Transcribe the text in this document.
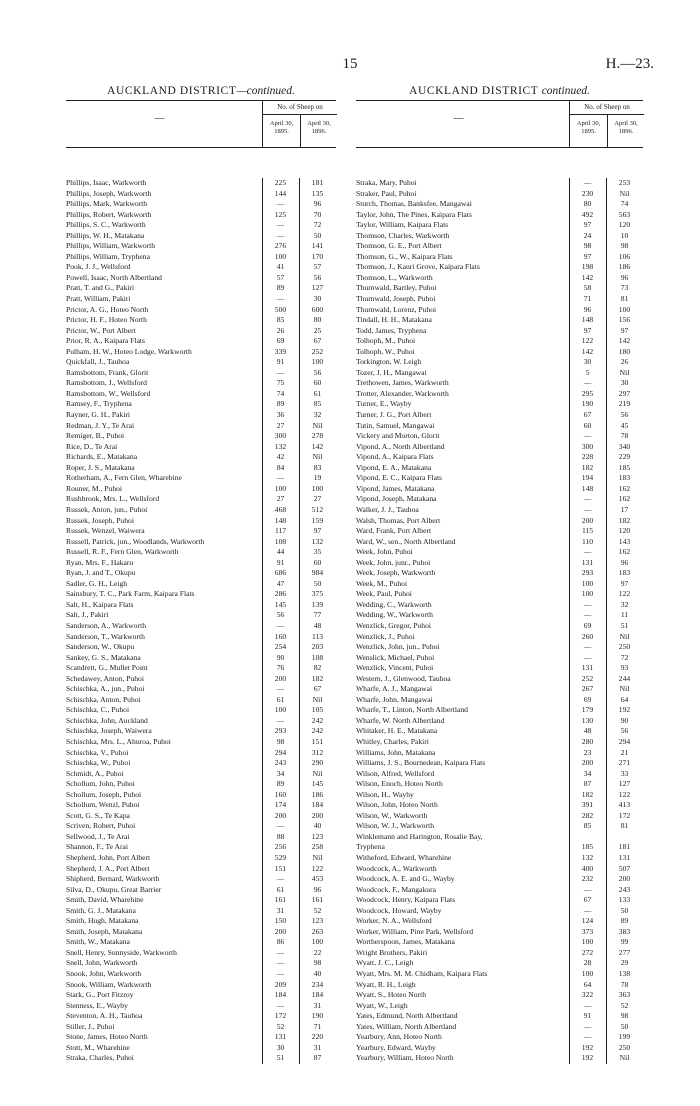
15	H.—23.
AUCKLAND DISTRICT—continued.
—
No. of Sheep on
April 30, 1895.
April 30, 1896.
Phillips, Isaac, Warkworth	225	181
Phillips, Joseph, Warkworth	144	135
Phillips, Mark, Warkworth	—	96
Phillips, Robert, Warkworth	125	70
Phillips, S. C., Warkworth	—	72
Phillips, W. H., Matakana	—	50
Phillips, William, Warkworth	276	141
Phillips, William, Tryphena	100	170
Pook, J. J., Wellsford	41	57
Powell, Isaac, North Albertland	57	56
Pratt, T. and G., Pakiri	89	127
Pratt, William, Pakiri	—	30
Prictor, A. G., Hoteo North	500	600
Prictor, H. F., Hoteo North	85	80
Prictor, W., Port Albert	26	25
Prior, R. A., Kaipara Flats	69	67
Pulham, H. W., Hoteo Lodge, Warkworth	339	252
Quickfall, J., Tauhoa	91	100
Ramsbottom, Frank, Glorit	—	56
Ramsbottom, J., Wellsford	75	60
Ramsbottom, W., Wellsford	74	61
Ramsey, F., Tryphena	89	85
Rayner, G. H., Pakiri	36	32
Redman, J. Y., Te Arai	27	Nil
Remiger, B., Puhoi	300	278
Rice, D., Te Arai	132	142
Richards, E., Matakana	42	Nil
Roper, J. S., Matakana	84	83
Rotherham, A., Fern Glen, Wharebine	—	19
Rouner, M., Puhoi	100	100
Rushbrook, Mrs. L., Wellsford	27	27
Russek, Anton, jun., Puhoi	468	512
Russek, Joseph, Puhoi	148	159
Russek, Wenzel, Waiwera	117	97
Russell, Patrick, jun., Woodlands, Warkworth	108	132
Russell, R. F., Fern Glen, Warkworth	44	35
Ryan, Mrs. F., Hakaru	91	60
Ryan, J. and T., Okupu	686	984
Sadler, G. H., Leigh	47	50
Sainsbury, T. C., Park Farm, Kaipara Flats	286	375
Salt, H., Kaipara Flats	145	139
Salt, J., Pakiri	56	77
Sanderson, A., Warkworth	—	48
Sanderson, T., Warkworth	160	113
Sanderson, W., Okupu	254	203
Sankey, G. S., Matakana	90	108
Scandrett, G., Mullet Point	76	82
Schedawey, Anton, Puhoi	200	182
Schischka, A., jun., Puhoi	—	67
Schischka, Anton, Puhoi	61	Nil
Schischka, C., Puhoi	100	105
Schischka, John, Auckland	—	242
Schischka, Joseph, Waiwera	293	242
Schischka, Mrs. L., Ahuroa, Puhoi	98	151
Schischka, V., Puhoi	294	312
Schischka, W., Puhoi	243	290
Schmidt, A., Puhoi	34	Nil
Schollum, John, Puhoi	89	145
Schollum, Joseph, Puhoi	160	186
Schollum, Wenzl, Puhoi	174	184
Scott, G. S., Te Kapa	200	200
Scriven, Robert, Puhoi	—	40
Sellwood, J., Te Arai	88	123
Shannon, F., Te Arai	256	258
Shepherd, John, Port Albert	529	Nil
Shepherd, J. A., Port Albert	151	122
Shipherd, Bernard, Warkworth	—	453
Silva, D., Okupu, Great Barrier	61	96
Smith, David, Wharehine	161	161
Smith, G. J., Matakana	31	52
Smith, Hugh, Matakana	150	123
Smith, Joseph, Matakana	200	263
Smith, W., Matakana	86	100
Snell, Henry, Sunnyside, Warkworth	—	22
Snell, John, Warkworth	—	98
Snook, John, Warkworth	—	40
Snook, William, Warkworth	209	234
Stark, G., Port Fitzroy	184	184
Stenness, E., Wayby	—	31
Steventon, A. H., Tauhoa	172	190
Stiller, J., Puhoi	52	71
Stone, James, Hoteo North	131	220
Stott, M., Wharehine	30	31
Straka, Charles, Puhoi	51	87
AUCKLAND DISTRICT continued.
—
No. of Sheep on
April 30, 1895.
April 30, 1896.
Straka, Mary, Puhoi	—	253
Straker, Paul, Puhoi	230	Nil
Sturch, Thomas, Banksfee, Mangawai	80	74
Taylor, John, The Pines, Kaipara Flats	492	563
Taylor, William, Kaipara Flats	97	120
Thomson, Charles, Warkworth	24	10
Thomson, G. E., Port Albert	98	98
Thomson, G., W., Kaipara Flats	97	106
Thomson, J., Kauri Grove, Kaipara Flats	198	186
Thomson, L., Warkworth	142	96
Thurnwald, Bartley, Puhoi	58	73
Thurnwald, Joseph, Puhoi	71	81
Thurnwald, Lorenz, Puhoi	96	100
Tindall, H. H., Matakana	148	156
Todd, James, Tryphena	97	97
Tolhoph, M., Puhoi	122	142
Tolhoph, W., Puhoi	142	180
Torkington, W. Leigh	30	26
Tozer, J. H., Mangawai	5	Nil
Trethowen, James, Warkworth	—	30
Trotter, Alexander, Warkworth	295	297
Turner, E., Wayby	190	219
Turner, J. G., Port Albert	67	56
Tutin, Samuel, Mangawai	60	45
Vickery and Morton, Glorit	—	78
Vipond, A., North Albertland	300	340
Vipond, A., Kaipara Flats	228	229
Vipond, E. A., Matakana	182	185
Vipond, E. C., Kaipara Flats	194	183
Vipond, James, Matakana	148	162
Vipond, Joseph, Matakana	—	162
Walker, J. J., Tauhoa	—	17
Walsh, Thomas, Port Albert	200	182
Ward, Frank, Port Albert	115	120
Ward, W., sen., North Albertland	110	143
Week, John, Puhoi	—	162
Week, John, junr., Puhoi	131	96
Week, Joseph, Warkworth	293	183
Week, M., Puhoi	100	97
Week, Paul, Puhoi	100	122
Wedding, C., Warkworth	—	32
Wedding, W., Warkworth	—	11
Wenzlick, Gregor, Puhoi	69	51
Wenzlick, J., Puhoi	260	Nil
Wenzlick, John, jun., Puhoi	—	250
Wenslick, Michael, Puhoi	—	72
Wenzlick, Vincent, Puhoi	131	93
Western, J., Glenwood, Tauhoa	252	244
Wharfe, A. J., Mangawai	267	Nil
Wharfe, John, Mangawai	69	64
Wharfe, T., Linton, North Albertland	179	192
Wharfe, W. North Albertland	130	90
Whitaker, H. E., Matakana	48	56
Whitley, Charles, Pakiri	280	294
Williams, John, Matakana	23	21
Williams, J. S., Bournedean, Kaipara Flats	200	271
Wilson, Alfred, Wellsford	34	33
Wilson, Enoch, Hoteo North	87	127
Wilson, H., Wayby	182	122
Wilson, John, Hoteo North	391	413
Wilson, W., Warkworth	282	172
Wilson, W. J., Warkworth	85	81
Winklemann and Harington, Rosalie Bay,
Tryphena	185	181
Witheford, Edward, Wharehine	132	131
Woodcock, A., Warkworth	400	507
Woodcock, A. E. and G., Wayby	232	200
Woodcock, F., Mangakura	—	243
Woodcock, Henry, Kaipara Flats	67	133
Woodcock, Howard, Wayby	—	50
Worker, N. A., Wellsford	124	89
Worker, William, Pine Park, Wellsford	373	383
Wortherspoon, James, Matakana	100	99
Wright Brothers, Pakiri	272	277
Wyatt, J. C., Leigh	28	29
Wyatt, Mrs. M. M. Chidham, Kaipara Flats	100	138
Wyatt, R. H., Leigh	64	78
Wyatt, S., Hoteo North	322	363
Wyatt, W., Leigh	—	52
Yates, Edmund, North Albertland	91	98
Yates, William, North Albertland	—	50
Yearbury, Ann, Hoteo North	—	199
Yearbury, Edward, Wayby	192	250
Yearbury, William, Hoteo North	192	Nil
